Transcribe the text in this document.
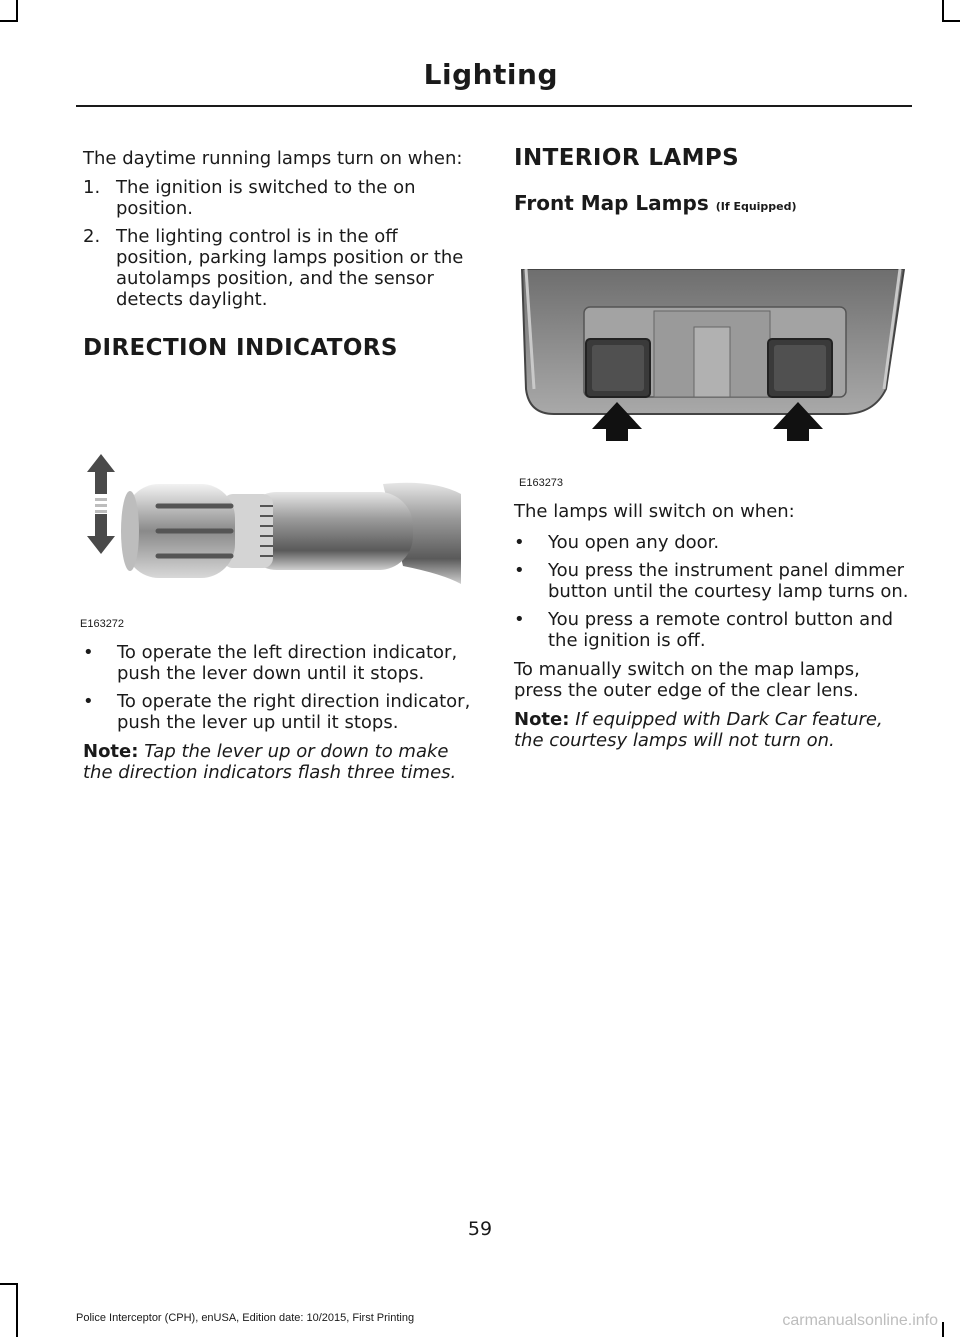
Lighting

The daytime running lamps turn on when:

1. The ignition is switched to the on position.
2. The lighting control is in the off position, parking lamps position or the autolamps position, and the sensor detects daylight.
DIRECTION INDICATORS
E163272
• To operate the left direction indicator, push the lever down until it stops.
• To operate the right direction indicator, push the lever up until it stops.

Note: Tap the lever up or down to make the direction indicators flash three times.

INTERIOR LAMPS
Front Map Lamps (If Equipped)
E163273

The lamps will switch on when:

• You open any door.
• You press the instrument panel dimmer button until the courtesy lamp turns on.
• You press a remote control button and the ignition is off.

To manually switch on the map lamps, press the outer edge of the clear lens.

Note: If equipped with Dark Car feature, the courtesy lamps will not turn on.

59
Police Interceptor (CPH), enUSA, Edition date: 10/2015, First Printing	carmanualsonline.info
